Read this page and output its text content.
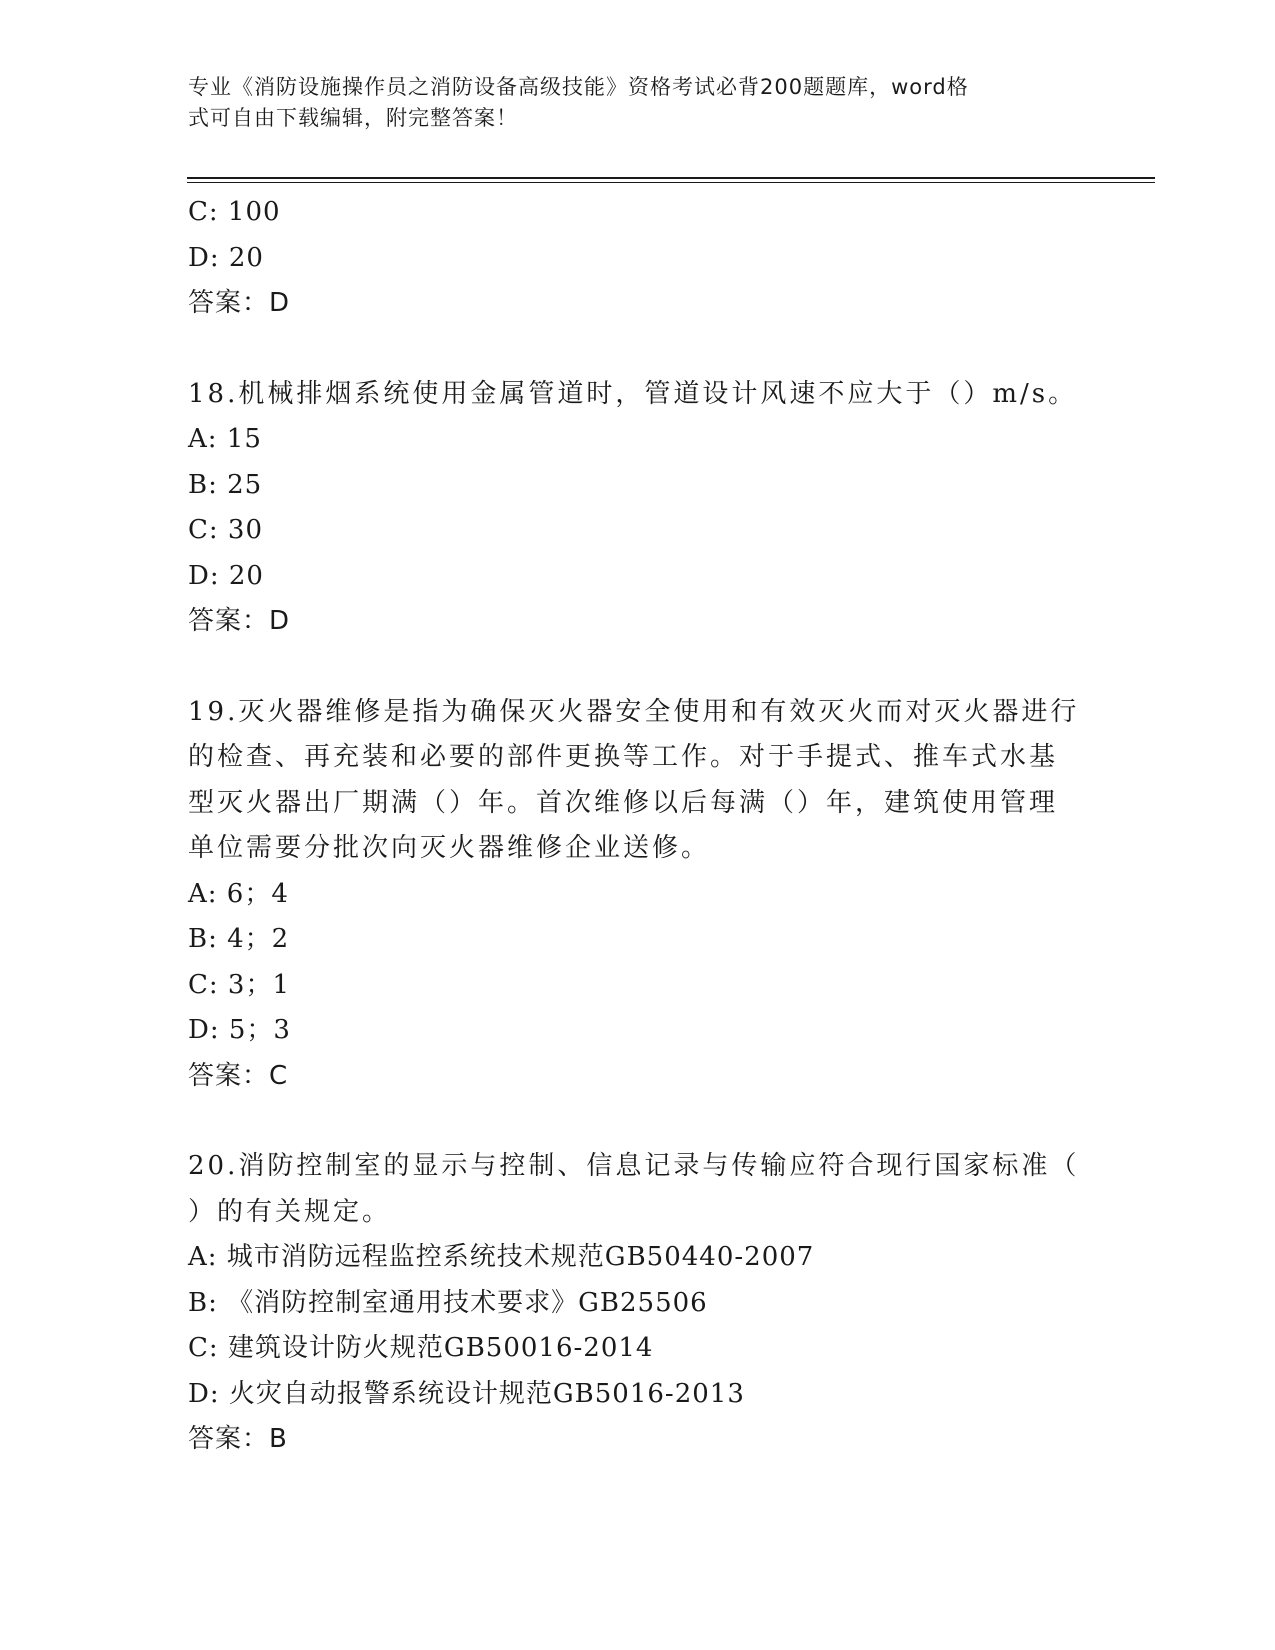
专业《消防设施操作员之消防设备高级技能》资格考试必背200题题库，word格
式可自由下载编辑，附完整答案！
C: 100
D: 20
答案：D
18.机械排烟系统使用金属管道时，管道设计风速不应大于（）m/s。
A: 15
B: 25
C: 30
D: 20
答案：D
19.灭火器维修是指为确保灭火器安全使用和有效灭火而对灭火器进行
的检查、再充装和必要的部件更换等工作。对于手提式、推车式水基
型灭火器出厂期满（）年。首次维修以后每满（）年，建筑使用管理
单位需要分批次向灭火器维修企业送修。
A: 6；4
B: 4；2
C: 3；1
D: 5；3
答案：C
20.消防控制室的显示与控制、信息记录与传输应符合现行国家标准（
）的有关规定。
A: 城市消防远程监控系统技术规范GB50440-2007
B: 《消防控制室通用技术要求》GB25506
C: 建筑设计防火规范GB50016-2014
D: 火灾自动报警系统设计规范GB5016-2013
答案：B
